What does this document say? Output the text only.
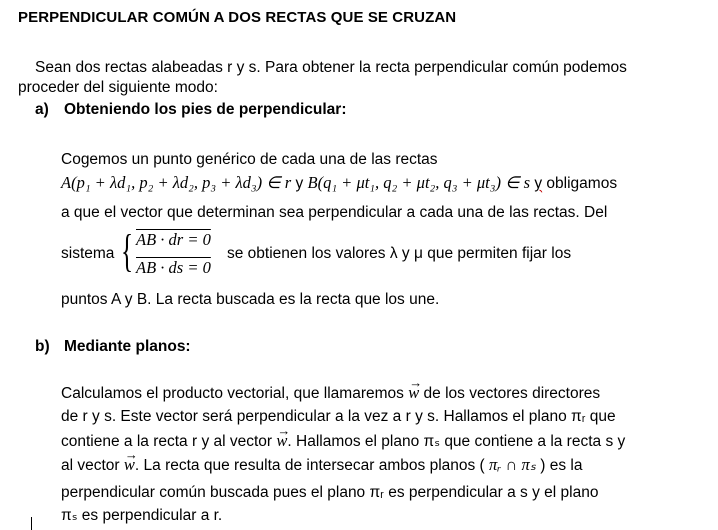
PERPENDICULAR COMÚN A DOS RECTAS QUE SE CRUZAN
Sean dos rectas alabeadas r y s. Para obtener la recta perpendicular común podemos
proceder del siguiente modo:
a) Obteniendo los pies de perpendicular:
Cogemos un punto genérico de cada una de las rectas
A(p₁ + λd₁, p₂ + λd₂, p₃ + λd₃) ∈ r y B(q₁ + μt₁, q₂ + μt₂, q₃ + μt₃) ∈ s y obligamos
a que el vector que determinan sea perpendicular a cada una de las rectas. Del
sistema { AB · dr = 0
AB · ds = 0
se obtienen los valores λ y μ que permiten fijar los
puntos A y B. La recta buscada es la recta que los une.
b) Mediante planos:
Calculamos el producto vectorial, que llamaremos → w de los vectores directores
de r y s. Este vector será perpendicular a la vez a r y s. Hallamos el plano πᵣ que
contiene a la recta r y al vector → w. Hallamos el plano πₛ que contiene a la recta s y
al vector → w. La recta que resulta de intersecar ambos planos ( πᵣ ∩ πₛ ) es la
perpendicular común buscada pues el plano πᵣ es perpendicular a s y el plano
πₛ es perpendicular a r.
